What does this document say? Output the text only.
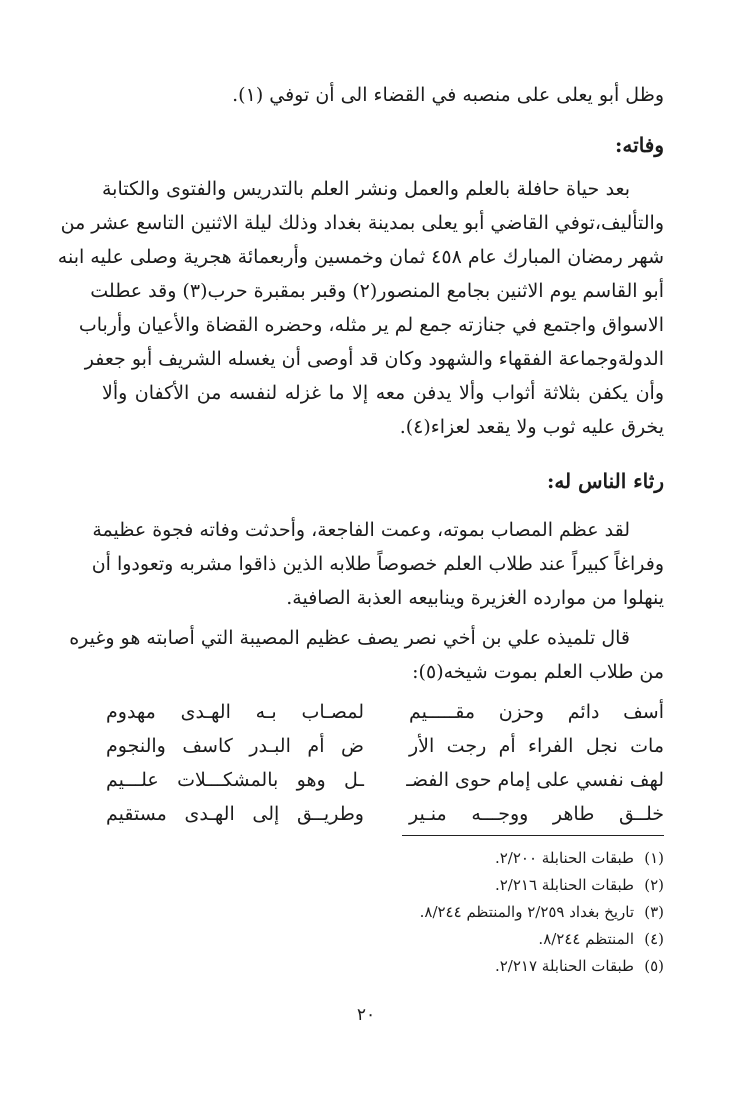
وظل أبو يعلى على منصبه في القضاء الى أن توفي (١).
وفاته:
بعد حياة حافلة بالعلم والعمل ونشر العلم بالتدريس والفتوى والكتابة
والتأليف،توفي القاضي أبو يعلى بمدينة بغداد وذلك ليلة الاثنين التاسع عشر من
شهر رمضان المبارك عام ٤٥٨ ثمان وخمسين وأربعمائة هجرية وصلى عليه ابنه
أبو القاسم يوم الاثنين بجامع المنصور(٢) وقبر بمقبرة حرب(٣) وقد عطلت
الاسواق واجتمع في جنازته جمع لم ير مثله، وحضره القضاة والأعيان وأرباب
الدولةوجماعة الفقهاء والشهود وكان قد أوصى أن يغسله الشريف أبو جعفر
وأن يكفن بثلاثة أثواب وألا يدفن معه إلا ما غزله لنفسه من الأكفان وألا
يخرق عليه ثوب ولا يقعد لعزاء(٤).
رثاء الناس له:
لقد عظم المصاب بموته، وعمت الفاجعة، وأحدثت وفاته فجوة عظيمة
وفراغاً كبيراً عند طلاب العلم خصوصاً طلابه الذين ذاقوا مشربه وتعودوا أن
ينهلوا من موارده الغزيرة وينابيعه العذبة الصافية.
قال تلميذه علي بن أخي نصر يصف عظيم المصيبة التي أصابته هو وغيره
من طلاب العلم بموت شيخه(٥):
أسف دائم وحزن مقـــــيم
لمصـاب بـه الهـدى مهدوم
مات نجل الفراء أم رجت الأر
ض أم البـدر كاسف والنجوم
لهف نفسي على إمام حوى الفضـ
ـل وهو بالمشكـــلات علـــيم
خلــق طاهر ووجـــه منـير
وطريــق إلى الهـدى مستقيم
(١)طبقات الحنابلة ٢/٢٠٠.
(٢)طبقات الحنابلة ٢/٢١٦.
(٣)تاريخ بغداد ٢/٢٥٩ والمنتظم ٨/٢٤٤.
(٤)المنتظم ٨/٢٤٤.
(٥)طبقات الحنابلة ٢/٢١٧.
٢٠
